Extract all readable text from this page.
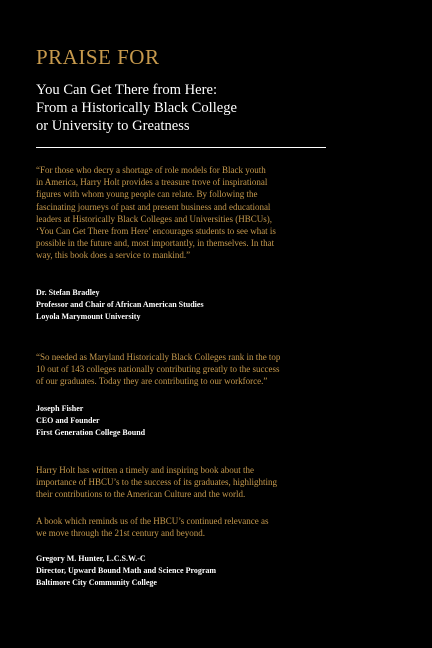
PRAISE FOR
You Can Get There from Here:
From a Historically Black College
or University to Greatness

“For those who decry a shortage of role models for Black youth
in America, Harry Holt provides a treasure trove of inspirational
figures with whom young people can relate. By following the
fascinating journeys of past and present business and educational
leaders at Historically Black Colleges and Universities (HBCUs),
‘You Can Get There from Here’ encourages students to see what is
possible in the future and, most importantly, in themselves. In that
way, this book does a service to mankind.”

Dr. Stefan Bradley
Professor and Chair of African American Studies
Loyola Marymount University

“So needed as Maryland Historically Black Colleges rank in the top
10 out of 143 colleges nationally contributing greatly to the success
of our graduates. Today they are contributing to our workforce.”

Joseph Fisher
CEO and Founder
First Generation College Bound

Harry Holt has written a timely and inspiring book about the
importance of HBCU’s to the success of its graduates, highlighting
their contributions to the American Culture and the world.

A book which reminds us of the HBCU’s continued relevance as
we move through the 21st century and beyond.

Gregory M. Hunter, L.C.S.W.-C
Director, Upward Bound Math and Science Program
Baltimore City Community College
